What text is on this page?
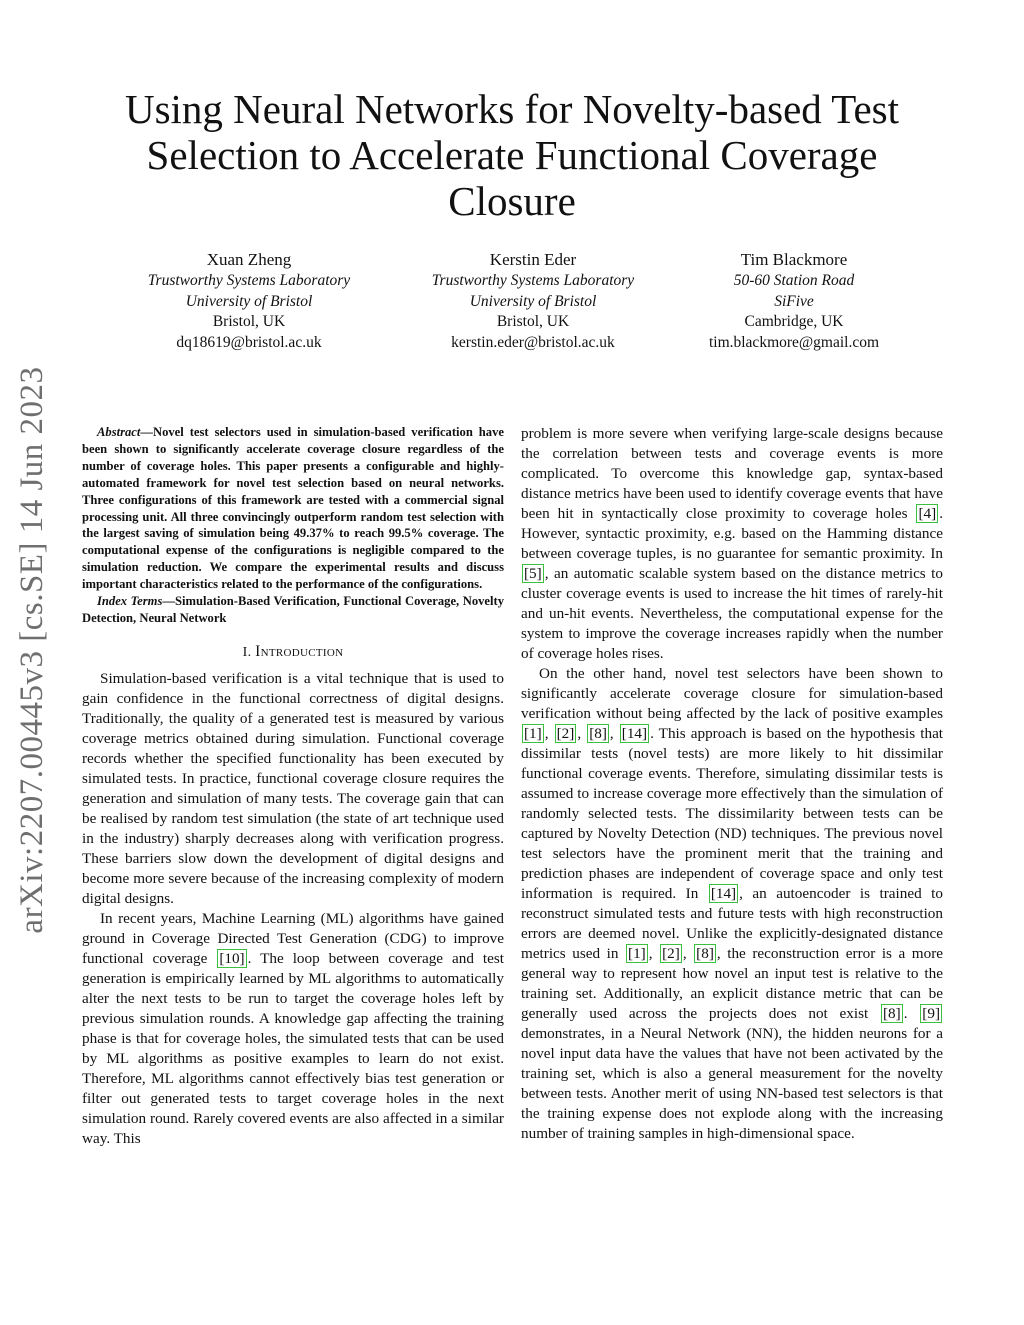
arXiv:2207.00445v3 [cs.SE] 14 Jun 2023
Using Neural Networks for Novelty-based Test Selection to Accelerate Functional Coverage Closure
Xuan Zheng
Trustworthy Systems Laboratory
University of Bristol
Bristol, UK
dq18619@bristol.ac.uk
Kerstin Eder
Trustworthy Systems Laboratory
University of Bristol
Bristol, UK
kerstin.eder@bristol.ac.uk
Tim Blackmore
50-60 Station Road
SiFive
Cambridge, UK
tim.blackmore@gmail.com

Abstract—Novel test selectors used in simulation-based verification have been shown to significantly accelerate coverage closure regardless of the number of coverage holes. This paper presents a configurable and highly-automated framework for novel test selection based on neural networks. Three configurations of this framework are tested with a commercial signal processing unit. All three convincingly outperform random test selection with the largest saving of simulation being 49.37% to reach 99.5% coverage. The computational expense of the configurations is negligible compared to the simulation reduction. We compare the experimental results and discuss important characteristics related to the performance of the configurations.

Index Terms—Simulation-Based Verification, Functional Coverage, Novelty Detection, Neural Network

I. Introduction

Simulation-based verification is a vital technique that is used to gain confidence in the functional correctness of digital designs. Traditionally, the quality of a generated test is measured by various coverage metrics obtained during simulation. Functional coverage records whether the specified functionality has been executed by simulated tests. In practice, functional coverage closure requires the generation and simulation of many tests. The coverage gain that can be realised by random test simulation (the state of art technique used in the industry) sharply decreases along with verification progress. These barriers slow down the development of digital designs and become more severe because of the increasing complexity of modern digital designs.

In recent years, Machine Learning (ML) algorithms have gained ground in Coverage Directed Test Generation (CDG) to improve functional coverage [10] . The loop between coverage and test generation is empirically learned by ML algorithms to automatically alter the next tests to be run to target the coverage holes left by previous simulation rounds. A knowledge gap affecting the training phase is that for coverage holes, the simulated tests that can be used by ML algorithms as positive examples to learn do not exist. Therefore, ML algorithms cannot effectively bias test generation or filter out generated tests to target coverage holes in the next simulation round. Rarely covered events are also affected in a similar way. This

problem is more severe when verifying large-scale designs because the correlation between tests and coverage events is more complicated. To overcome this knowledge gap, syntax-based distance metrics have been used to identify coverage events that have been hit in syntactically close proximity to coverage holes [4] . However, syntactic proximity, e.g. based on the Hamming distance between coverage tuples, is no guarantee for semantic proximity. In [5] , an automatic scalable system based on the distance metrics to cluster coverage events is used to increase the hit times of rarely-hit and un-hit events. Nevertheless, the computational expense for the system to improve the coverage increases rapidly when the number of coverage holes rises.

On the other hand, novel test selectors have been shown to significantly accelerate coverage closure for simulation-based verification without being affected by the lack of positive examples [1] , [2] , [8] , [14] . This approach is based on the hypothesis that dissimilar tests (novel tests) are more likely to hit dissimilar functional coverage events. Therefore, simulating dissimilar tests is assumed to increase coverage more effectively than the simulation of randomly selected tests. The dissimilarity between tests can be captured by Novelty Detection (ND) techniques. The previous novel test selectors have the prominent merit that the training and prediction phases are independent of coverage space and only test information is required. In [14] , an autoencoder is trained to reconstruct simulated tests and future tests with high reconstruction errors are deemed novel. Unlike the explicitly-designated distance metrics used in [1] , [2] , [8] , the reconstruction error is a more general way to represent how novel an input test is relative to the training set. Additionally, an explicit distance metric that can be generally used across the projects does not exist [8] . [9] demonstrates, in a Neural Network (NN), the hidden neurons for a novel input data have the values that have not been activated by the training set, which is also a general measurement for the novelty between tests. Another merit of using NN-based test selectors is that the training expense does not explode along with the increasing number of training samples in high-dimensional space.
